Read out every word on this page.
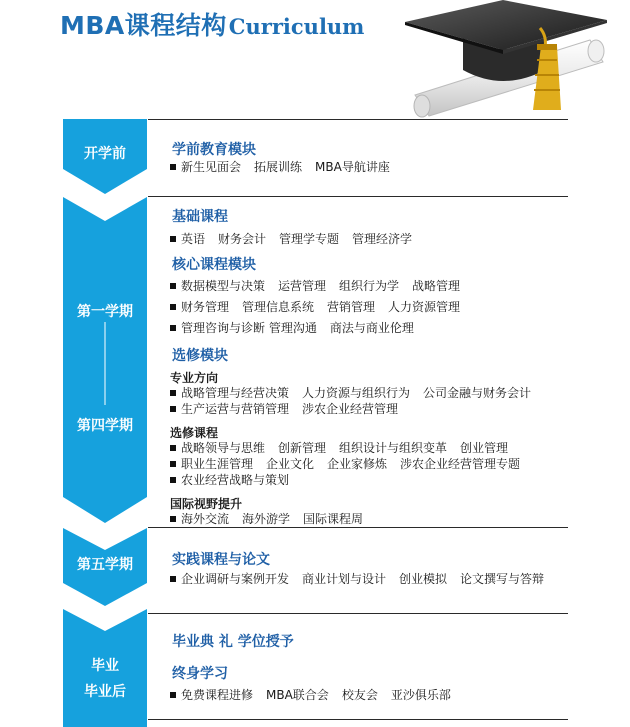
MBA课程结构Curriculum
开学前
第一学期
第四学期
第五学期
毕业
毕业后
学前教育模块
新生见面会 拓展训练 MBA导航讲座
基础课程
英语 财务会计 管理学专题 管理经济学
核心课程模块
数据模型与决策 运营管理 组织行为学 战略管理
财务管理 管理信息系统 营销管理 人力资源管理
管理咨询与诊断 管理沟通 商法与商业伦理
选修模块
专业方向
战略管理与经营决策 人力资源与组织行为 公司金融与财务会计
生产运营与营销管理 涉农企业经营管理
选修课程
战略领导与思维 创新管理 组织设计与组织变革 创业管理
职业生涯管理 企业文化 企业家修炼 涉农企业经营管理专题
农业经营战略与策划
国际视野提升
海外交流 海外游学 国际课程周
实践课程与论文
企业调研与案例开发 商业计划与设计 创业模拟 论文撰写与答辩
毕业典 礼 学位授予
终身学习
免费课程进修 MBA联合会 校友会 亚沙俱乐部
